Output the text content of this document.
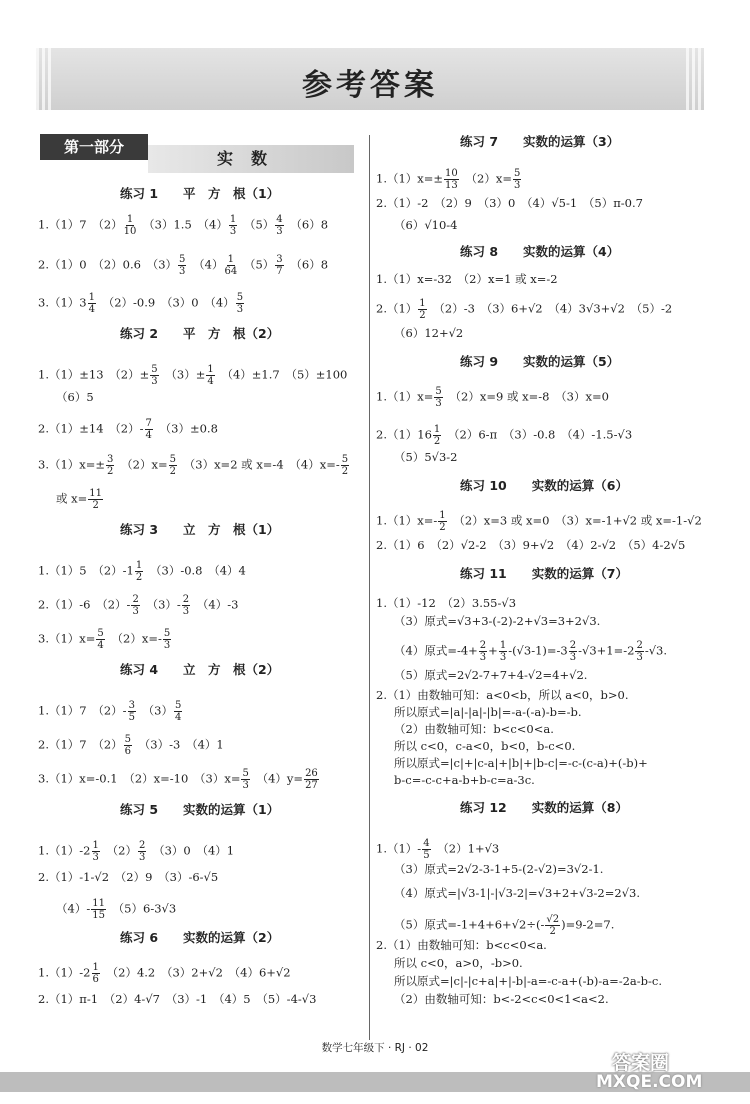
参考答案
第一部分
实数
练习 1　　平　方　根（1）
1.（1）7　$(2) \frac{1}{10}$ 　（3）1.5　$(4) \frac{1}{3}$ 　$(5) \frac{4}{3}$ 　（6）8
2.（1）0　（2）0.6　$(3) \frac{5}{3}$ 　$(4) \frac{1}{64}$ 　$(5) \frac{3}{7}$ 　（6）8
$3.(1)3 \frac{1}{4}$ 　（2）-0.9　（3）0　$(4) \frac{5}{3}$
练习 2　　平　方　根（2）
1.（1）±13　$(2)\pm \frac{5}{3}$ 　$(3)\pm \frac{1}{4}$ 　（4）±1.7　（5）±100
（6）5
2.（1）±14　$(2)- \frac{7}{4}$ 　（3）±0.8
$3.(1)x=\pm \frac{3}{2}$ 　$(2)x= \frac{5}{2}$ 　（3）x=2 或 x=-4　$(4)x=- \frac{5}{2}$
或 $x= \frac{11}{2}$
练习 3　　立　方　根（1）
1.（1）5　$(2)-1 \frac{1}{2}$ 　（3）-0.8　（4）4
2.（1）-6　$(2)- \frac{2}{3}$ 　$(3)- \frac{2}{3}$ 　（4）-3
$3.(1)x= \frac{5}{4}$ 　$(2)x=- \frac{5}{3}$
练习 4　　立　方　根（2）
1.（1）7　$(2)- \frac{3}{5}$ 　$(3) \frac{5}{4}$
2.（1）7　$(2) \frac{5}{6}$ 　（3）-3　（4）1
3.（1）x=-0.1　（2）x=-10　$(3)x= \frac{5}{3}$ 　$(4)y= \frac{26}{27}$
练习 5　　实数的运算（1）
$1.(1)-2 \frac{1}{3}$ 　$(2) \frac{2}{3}$ 　（3）0　（4）1
2.（1）-1-√2　（2）9　（3）-6-√5
$(4)- \frac{11}{15}$ 　（5）6-3√3
练习 6　　实数的运算（2）
$1.(1)-2 \frac{1}{6}$ 　（2）4.2　（3）2+√2　（4）6+√2
2.（1）π-1　（2）4-√7　（3）-1　（4）5　（5）-4-√3
练习 7　　实数的运算（3）
$1.(1)x=\pm \frac{10}{13}$ 　$(2)x= \frac{5}{3}$
2.（1）-2　（2）9　（3）0　（4）√5-1　（5）π-0.7
（6）√10-4
练习 8　　实数的运算（4）
1.（1）x=-32　（2）x=1 或 x=-2
$2.(1) \frac{1}{2}$ 　（2）-3　（3）6+√2　（4）3√3+√2　（5）-2
（6）12+√2
练习 9　　实数的运算（5）
$1.(1)x= \frac{5}{3}$ 　（2）x=9 或 x=-8　（3）x=0
$2.(1)16 \frac{1}{2}$ 　（2）6-π　（3）-0.8　（4）-1.5-√3
（5）5√3-2
练习 10　　实数的运算（6）
$1.(1)x=- \frac{1}{2}$ 　（2）x=3 或 x=0　（3）x=-1+√2 或 x=-1-√2
2.（1）6　（2）√2-2　（3）9+√2　（4）2-√2　（5）4-2√5
练习 11　　实数的运算（7）
1.（1）-12　（2）3.55-√3
（3）原式=√3+3-(-2)-2+√3=3+2√3.
（4）原式$=-4+ \frac{2}{3} + \frac{1}{3} -(√3-1)=-3 \frac{2}{3} -√3+1=-2 \frac{2}{3} -√3$.
（5）原式=2√2-7+7+4-√2=4+√2.
2.（1）由数轴可知：a<0<b，所以 a<0，b>0.
所以原式=|a|-|a|-|b|=-a-(-a)-b=-b.
（2）由数轴可知：b<c<0<a.
所以 c<0，c-a<0，b<0，b-c<0.
所以原式=|c|+|c-a|+|b|+|b-c|=-c-(c-a)+(-b)+
b-c=-c-c+a-b+b-c=a-3c.
练习 12　　实数的运算（8）
$1.(1)- \frac{4}{5}$ 　（2）1+√3
（3）原式=2√2-3-1+5-(2-√2)=3√2-1.
（4）原式=|√3-1|-|√3-2|=√3+2+√3-2=2√3.
（5）原式$=-1+4+6+√2\div(- \frac{√2}{2} )=9-2=7$.
2.（1）由数轴可知：b<c<0<a.
所以 c<0，a>0，-b>0.
所以原式=|c|-|c+a|+|-b|-a=-c-a+(-b)-a=-2a-b-c.
（2）由数轴可知：b<-2<c<0<1<a<2.
数学七年级下 · RJ · 02
答案圈
MXQE.COM
